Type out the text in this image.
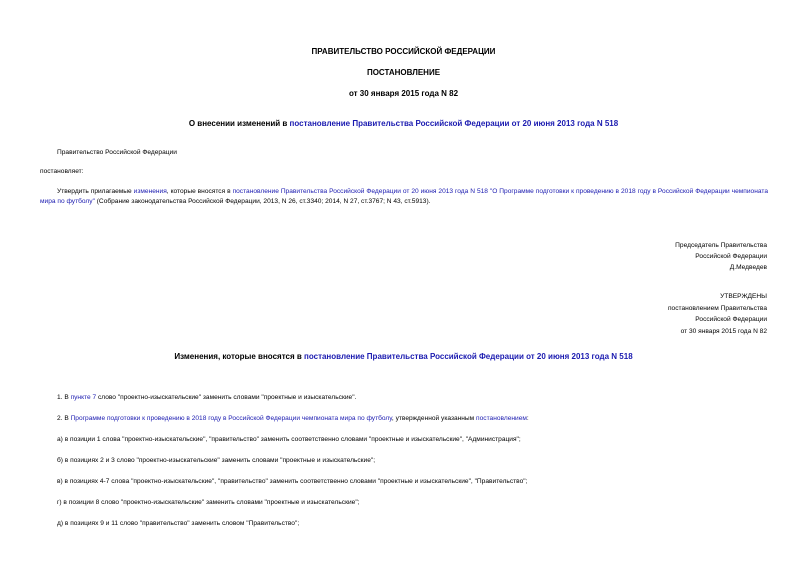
ПРАВИТЕЛЬСТВО РОССИЙСКОЙ ФЕДЕРАЦИИ
ПОСТАНОВЛЕНИЕ
от 30 января 2015 года N 82
О внесении изменений в постановление Правительства Российской Федерации от 20 июня 2013 года N 518
Правительство Российской Федерации
постановляет:
Утвердить прилагаемые изменения, которые вносятся в постановление Правительства Российской Федерации от 20 июня 2013 года N 518 "О Программе подготовки к проведению в 2018 году в Российской Федерации чемпионата мира по футболу" (Собрание законодательства Российской Федерации, 2013, N 26, ст.3340; 2014, N 27, ст.3767; N 43, ст.5913).
Председатель Правительства
Российской Федерации
Д.Медведев
УТВЕРЖДЕНЫ
постановлением Правительства
Российской Федерации
от 30 января 2015 года N 82
Изменения, которые вносятся в постановление Правительства Российской Федерации от 20 июня 2013 года N 518
1. В пункте 7 слово "проектно-изыскательские" заменить словами "проектные и изыскательские".
2. В Программе подготовки к проведению в 2018 году в Российской Федерации чемпионата мира по футболу, утвержденной указанным постановлением:
а) в позиции 1 слова "проектно-изыскательские", "правительство" заменить соответственно словами "проектные и изыскательские", "Администрация";
б) в позициях 2 и 3 слово "проектно-изыскательские" заменить словами "проектные и изыскательские";
в) в позициях 4-7 слова "проектно-изыскательские", "правительство" заменить соответственно словами "проектные и изыскательские", "Правительство";
г) в позиции 8 слово "проектно-изыскательские" заменить словами "проектные и изыскательские";
д) в позициях 9 и 11 слово "правительство" заменить словом "Правительство";
